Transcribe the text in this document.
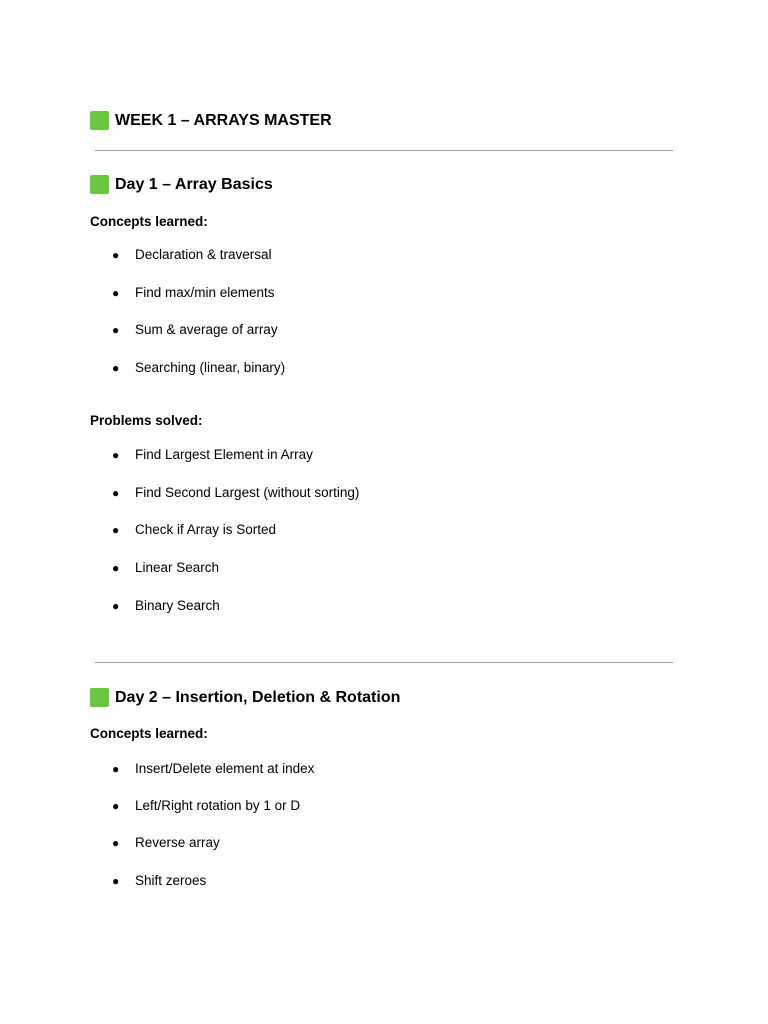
WEEK 1 – ARRAYS MASTER
Day 1 – Array Basics
Concepts learned:
●	Declaration & traversal
●	Find max/min elements
●	Sum & average of array
●	Searching (linear, binary)
Problems solved:
●	Find Largest Element in Array
●	Find Second Largest (without sorting)
●	Check if Array is Sorted
●	Linear Search
●	Binary Search
Day 2 – Insertion, Deletion & Rotation
Concepts learned:
●	Insert/Delete element at index
●	Left/Right rotation by 1 or D
●	Reverse array
●	Shift zeroes
